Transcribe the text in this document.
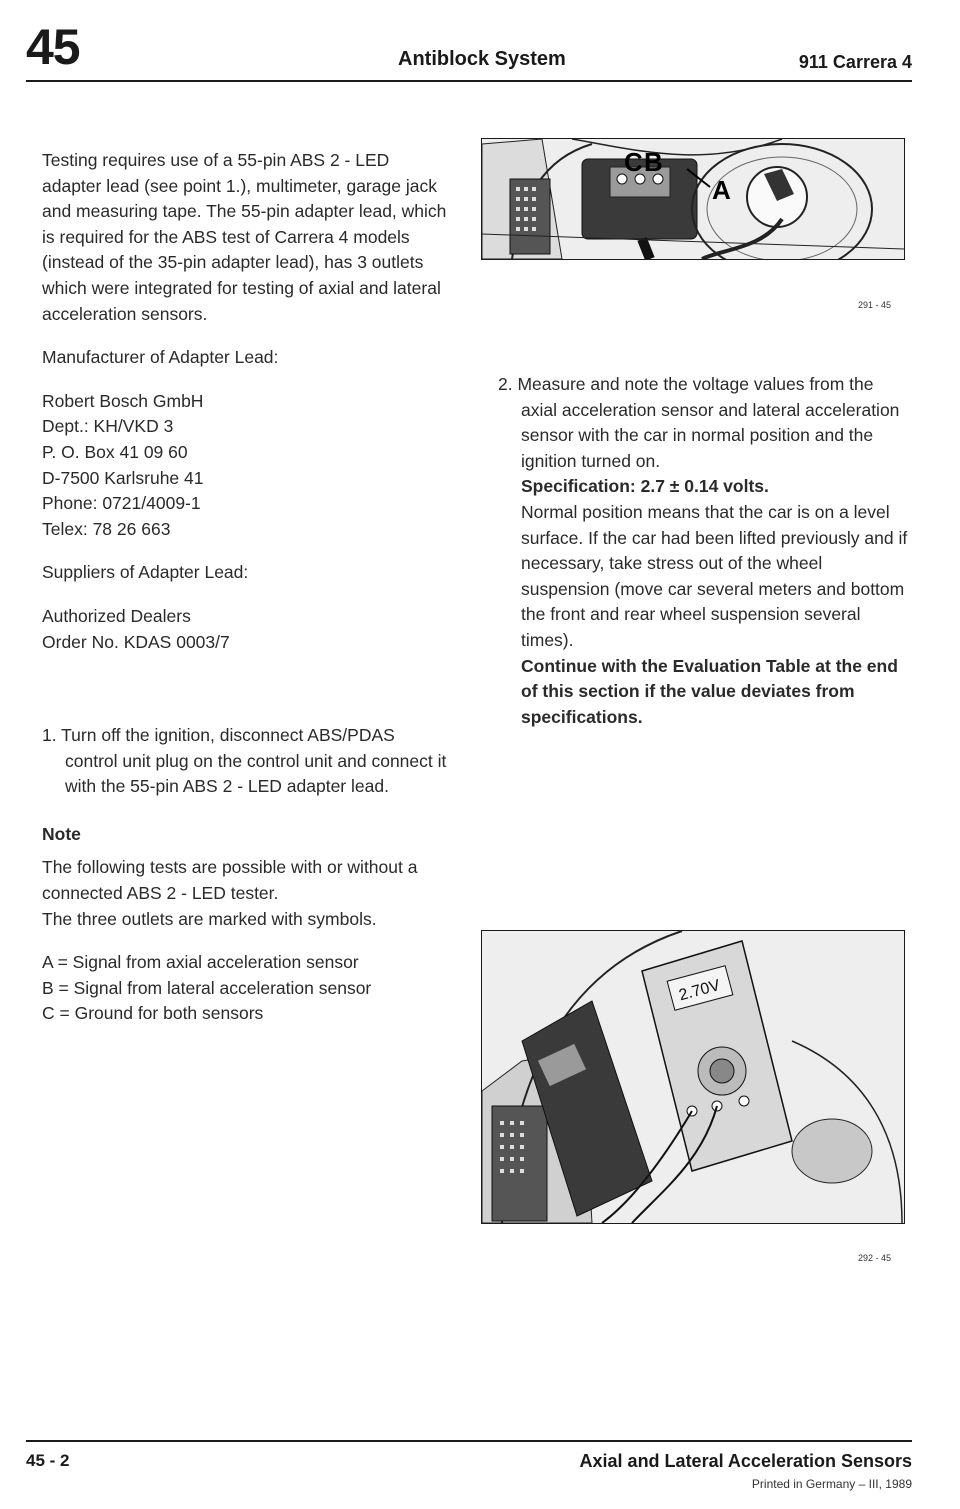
45	Antiblock System	911 Carrera 4

Testing requires use of a 55-pin ABS 2 - LED adapter lead (see point 1.), multimeter, garage jack and measuring tape. The 55-pin adapter lead, which is required for the ABS test of Carrera 4 models (instead of the 35-pin adapter lead), has 3 outlets which were integrated for testing of axial and lateral acceleration sensors.

Manufacturer of Adapter Lead:

Robert Bosch GmbH

Dept.: KH/VKD 3

P. O. Box 41 09 60

D-7500 Karlsruhe 41

Phone: 0721/4009-1

Telex: 78 26 663

Suppliers of Adapter Lead:

Authorized Dealers

Order No. KDAS 0003/7

1. Turn off the ignition, disconnect ABS/PDAS control unit plug on the control unit and connect it with the 55-pin ABS 2 - LED adapter lead.

Note

The following tests are possible with or without a connected ABS 2 - LED tester.

The three outlets are marked with symbols.

A = Signal from axial acceleration sensor

B = Signal from lateral acceleration sensor

C = Ground for both sensors

C B
A
291 - 45

2. Measure and note the voltage values from the axial acceleration sensor and lateral acceleration sensor with the car in normal position and the ignition turned on.

Specification: 2.7 ± 0.14 volts.

Normal position means that the car is on a level surface. If the car had been lifted previously and if necessary, take stress out of the wheel suspension (move car several meters and bottom the front and rear wheel suspension several times).

Continue with the Evaluation Table at the end of this section if the value deviates from specifications.

2.70V
292 - 45
45 - 2	Axial and Lateral Acceleration Sensors
Printed in Germany – III, 1989
